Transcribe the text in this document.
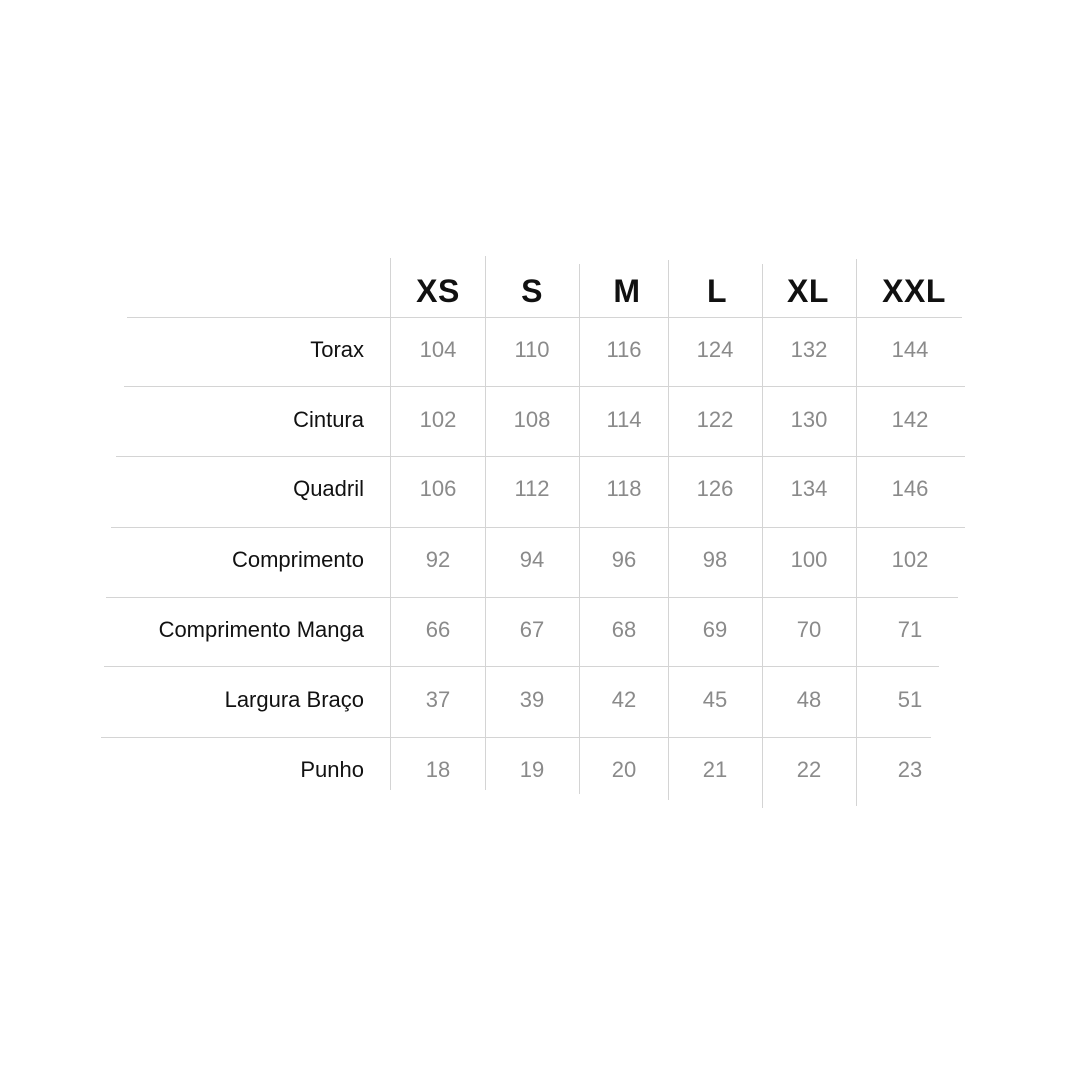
XS S M L XL XXL
Torax	104	110	116	124	132	144
Cintura	102	108	114	122	130	142
Quadril	106	112	118	126	134	146
Comprimento	92	94	96	98	100	102
Comprimento Manga	66	67	68	69	70	71
Largura Braço	37	39	42	45	48	51
Punho	18	19	20	21	22	23
